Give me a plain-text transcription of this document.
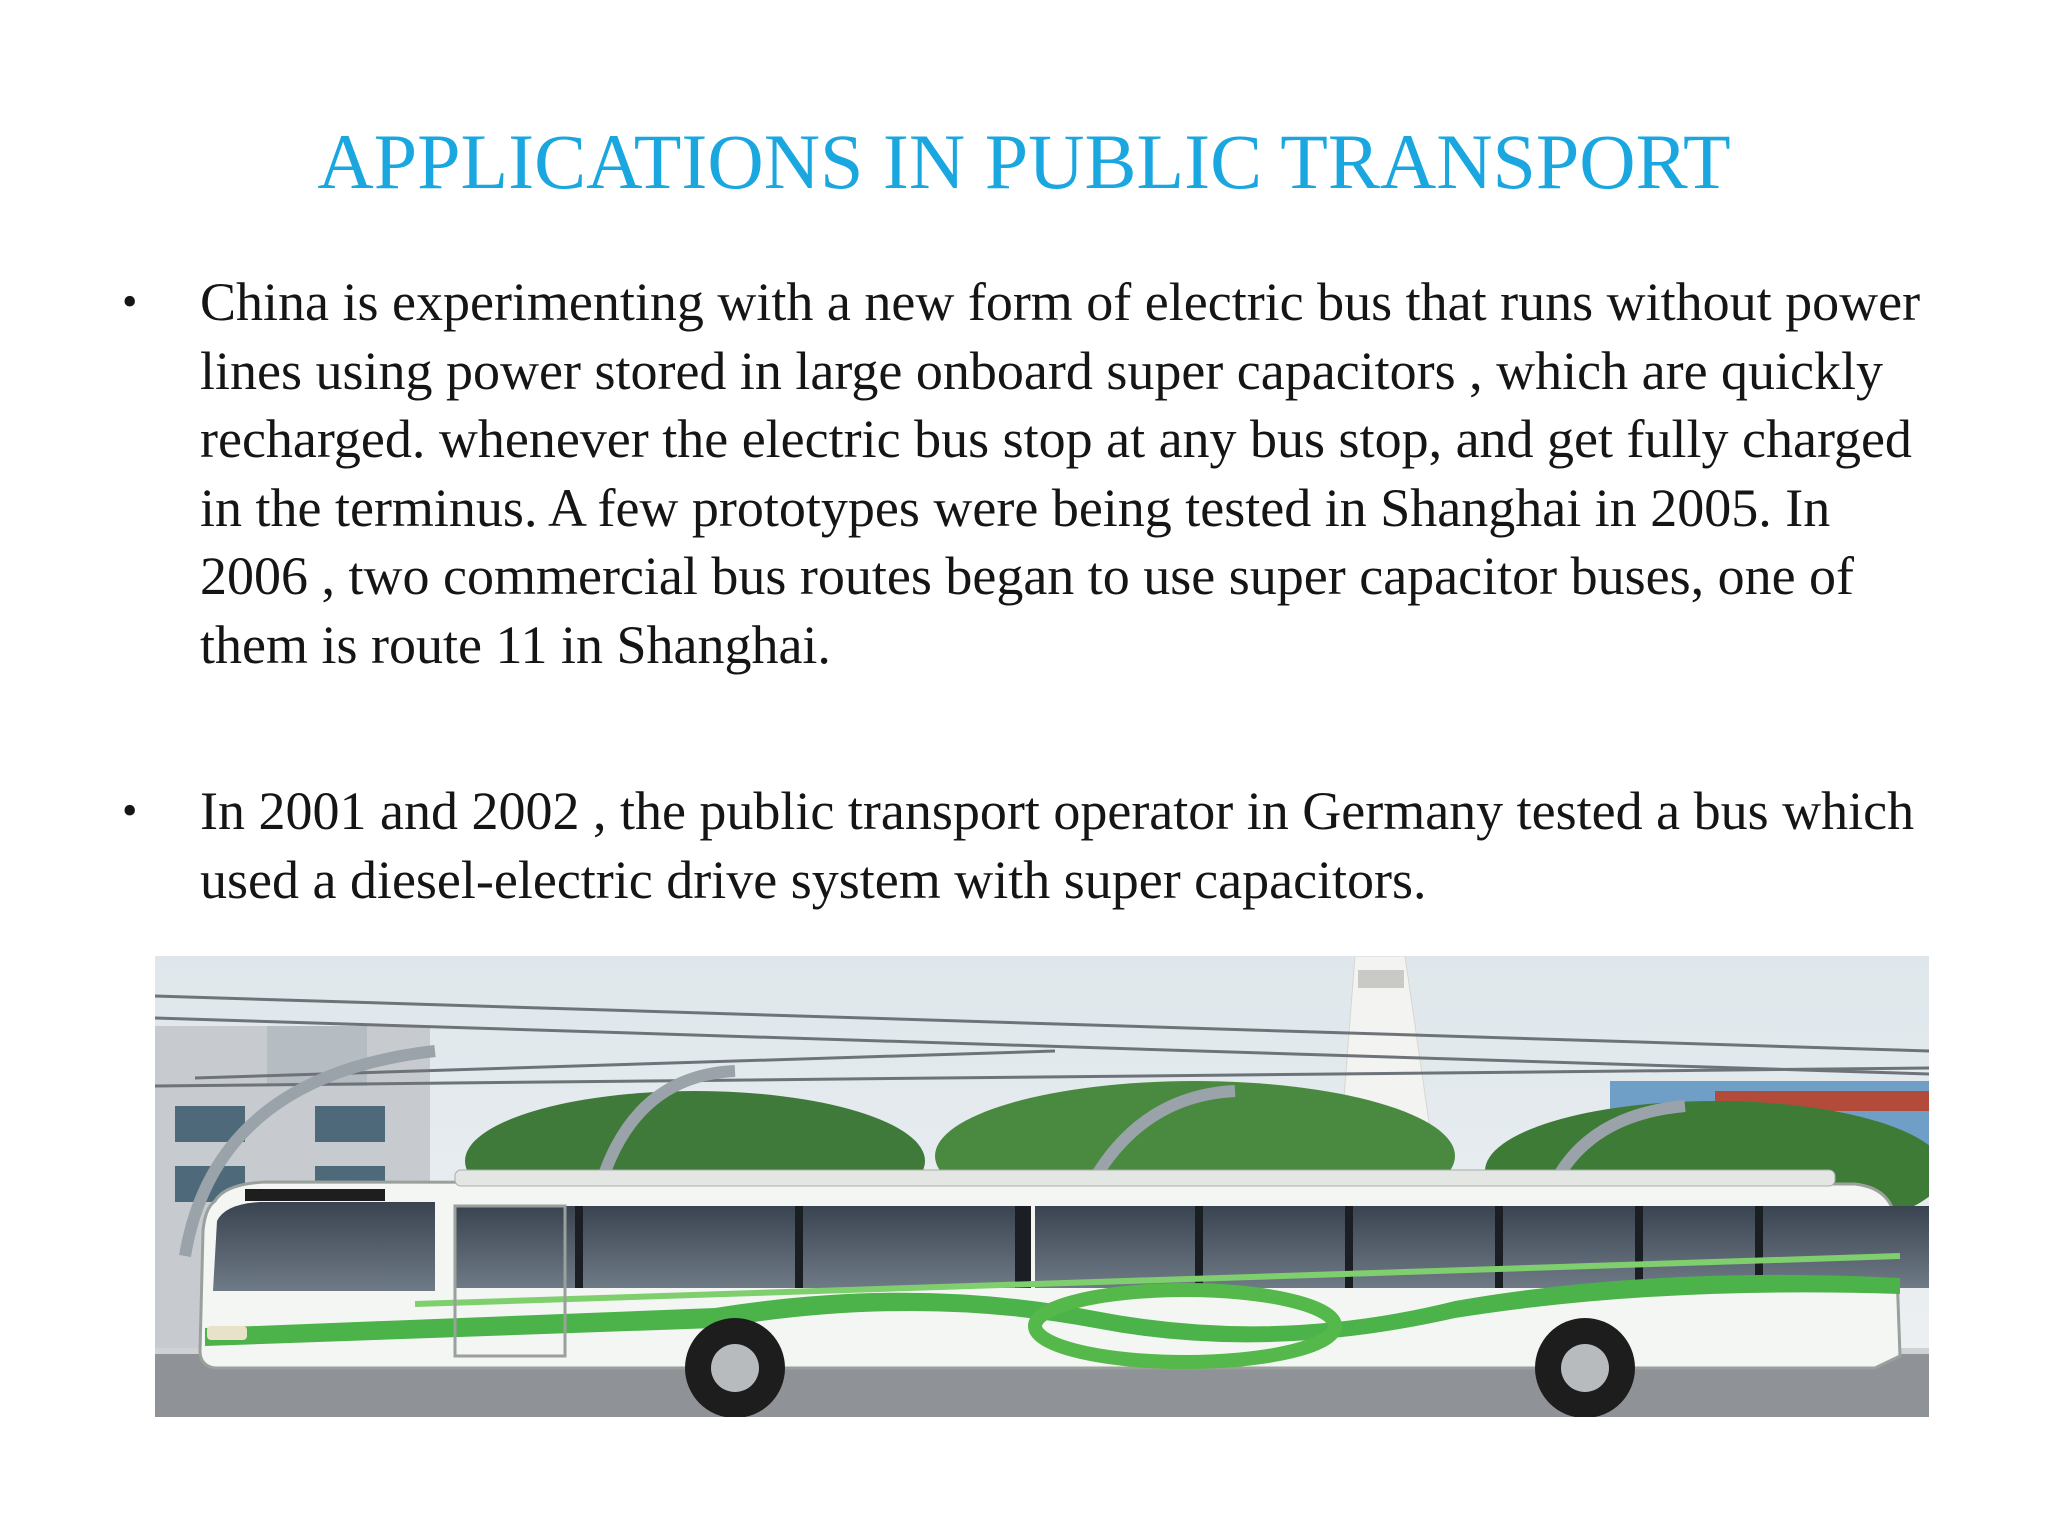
APPLICATIONS IN PUBLIC TRANSPORT
• China is experimenting with a new form of electric bus that runs without power lines using power stored in large onboard super capacitors , which are quickly recharged. whenever the electric bus stop at any bus stop, and get fully charged in the terminus. A few prototypes were being tested in Shanghai in 2005. In 2006 , two commercial bus routes began to use super capacitor buses, one of them is route 11 in Shanghai.
• In 2001 and 2002 , the public transport operator in Germany tested a bus which used a diesel-electric drive system with super capacitors.
